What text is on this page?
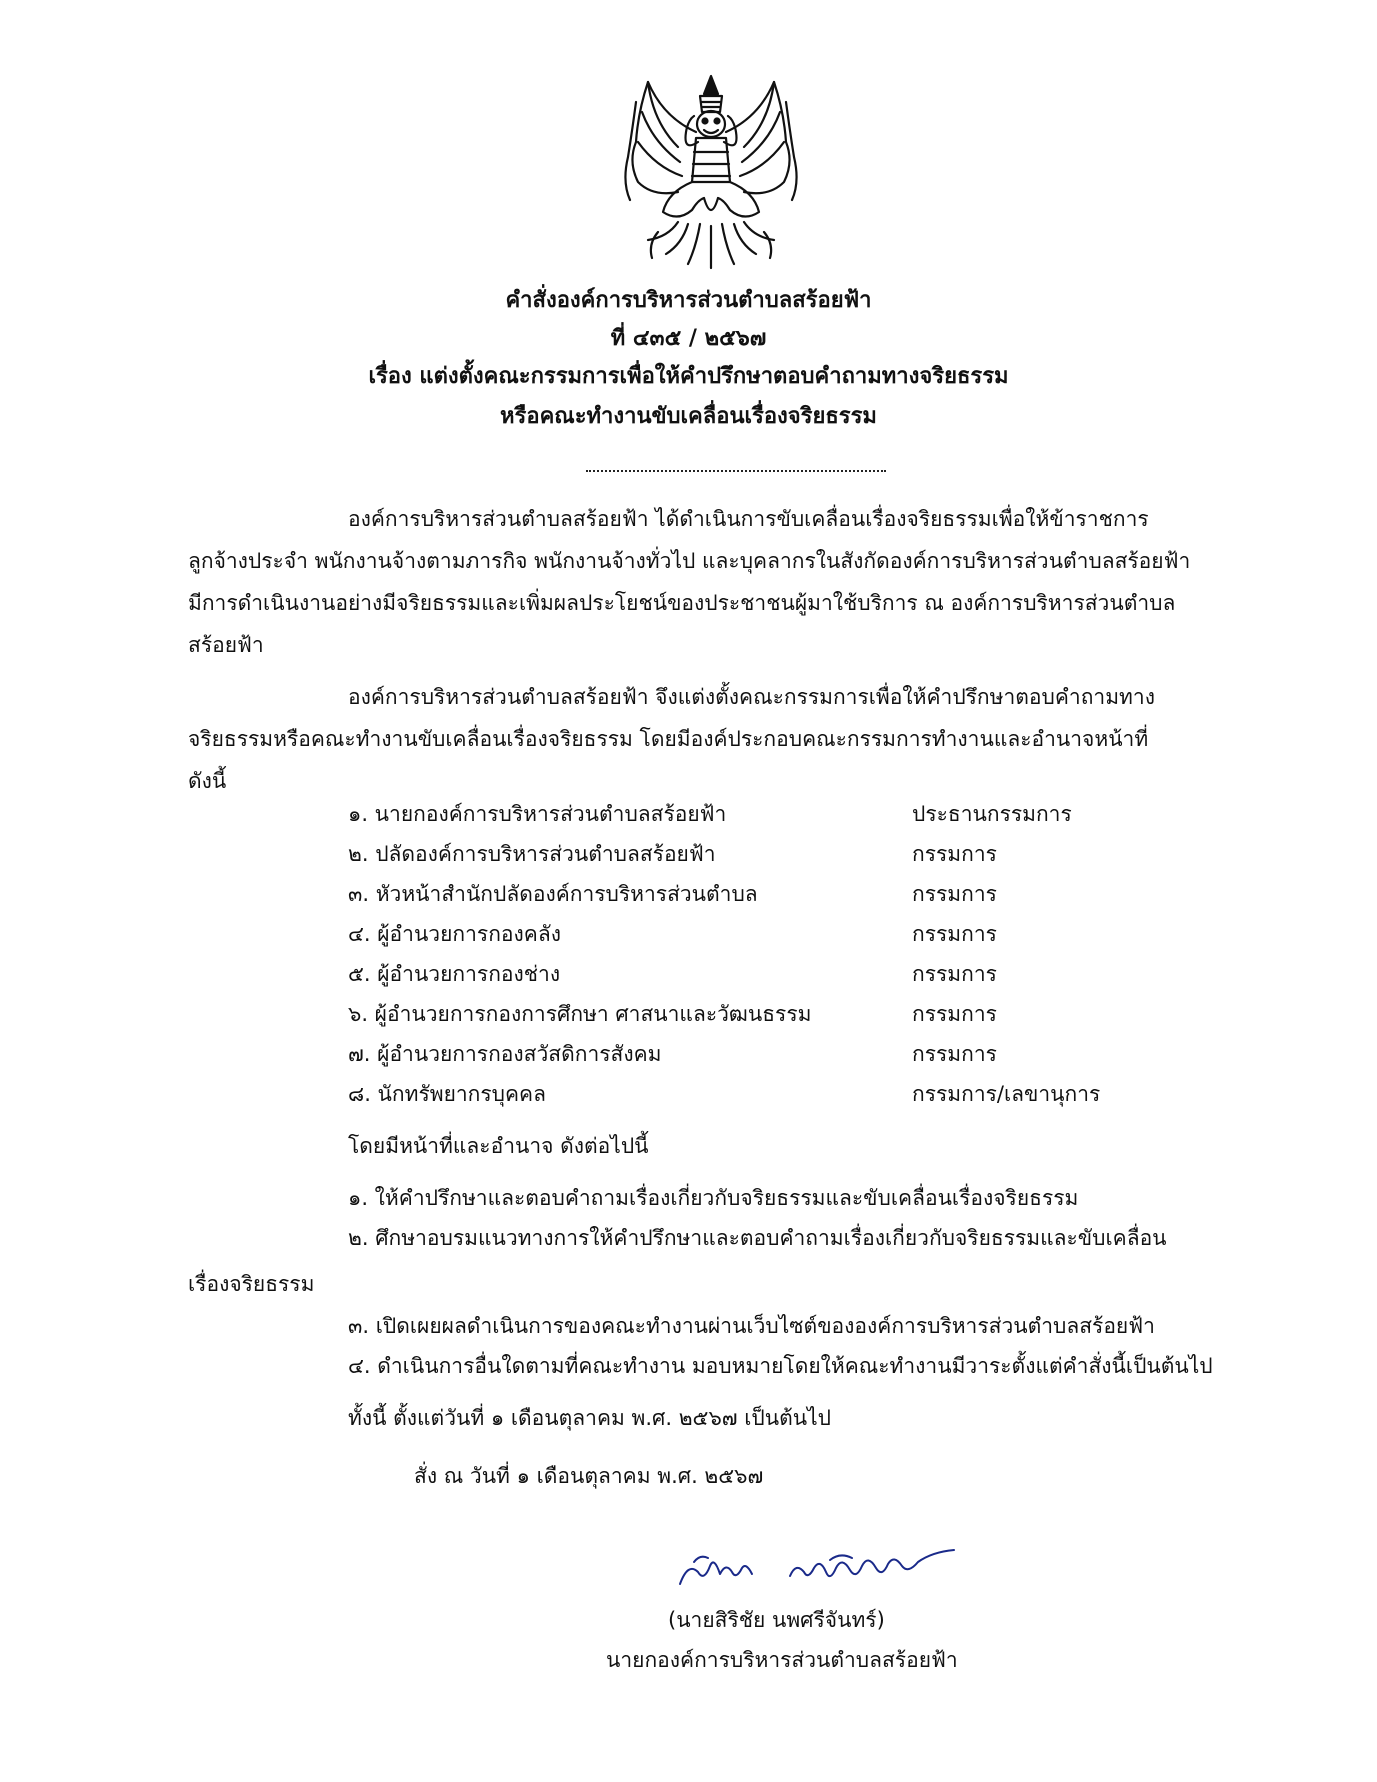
คำสั่งองค์การบริหารส่วนตำบลสร้อยฟ้า
ที่ ๔๓๕ / ๒๕๖๗
เรื่อง แต่งตั้งคณะกรรมการเพื่อให้คำปรึกษาตอบคำถามทางจริยธรรม
หรือคณะทำงานขับเคลื่อนเรื่องจริยธรรม
องค์การบริหารส่วนตำบลสร้อยฟ้า ได้ดำเนินการขับเคลื่อนเรื่องจริยธรรมเพื่อให้ข้าราชการ
ลูกจ้างประจำ พนักงานจ้างตามภารกิจ พนักงานจ้างทั่วไป และบุคลากรในสังกัดองค์การบริหารส่วนตำบลสร้อยฟ้า
มีการดำเนินงานอย่างมีจริยธรรมและเพิ่มผลประโยชน์ของประชาชนผู้มาใช้บริการ ณ องค์การบริหารส่วนตำบล
สร้อยฟ้า
องค์การบริหารส่วนตำบลสร้อยฟ้า จึงแต่งตั้งคณะกรรมการเพื่อให้คำปรึกษาตอบคำถามทาง
จริยธรรมหรือคณะทำงานขับเคลื่อนเรื่องจริยธรรม โดยมีองค์ประกอบคณะกรรมการทำงานและอำนาจหน้าที่
ดังนี้
๑. นายกองค์การบริหารส่วนตำบลสร้อยฟ้า	ประธานกรรมการ
๒. ปลัดองค์การบริหารส่วนตำบลสร้อยฟ้า	กรรมการ
๓. หัวหน้าสำนักปลัดองค์การบริหารส่วนตำบล	กรรมการ
๔. ผู้อำนวยการกองคลัง	กรรมการ
๕. ผู้อำนวยการกองช่าง	กรรมการ
๖. ผู้อำนวยการกองการศึกษา ศาสนาและวัฒนธรรม	กรรมการ
๗. ผู้อำนวยการกองสวัสดิการสังคม	กรรมการ
๘. นักทรัพยากรบุคคล	กรรมการ/เลขานุการ
โดยมีหน้าที่และอำนาจ ดังต่อไปนี้
๑. ให้คำปรึกษาและตอบคำถามเรื่องเกี่ยวกับจริยธรรมและขับเคลื่อนเรื่องจริยธรรม
๒. ศึกษาอบรมแนวทางการให้คำปรึกษาและตอบคำถามเรื่องเกี่ยวกับจริยธรรมและขับเคลื่อน
เรื่องจริยธรรม
๓. เปิดเผยผลดำเนินการของคณะทำงานผ่านเว็บไซต์ขององค์การบริหารส่วนตำบลสร้อยฟ้า
๔. ดำเนินการอื่นใดตามที่คณะทำงาน มอบหมายโดยให้คณะทำงานมีวาระตั้งแต่คำสั่งนี้เป็นต้นไป
ทั้งนี้ ตั้งแต่วันที่ ๑ เดือนตุลาคม พ.ศ. ๒๕๖๗ เป็นต้นไป
สั่ง ณ วันที่ ๑ เดือนตุลาคม พ.ศ. ๒๕๖๗
(นายสิริชัย นพศรีจันทร์)
นายกองค์การบริหารส่วนตำบลสร้อยฟ้า
